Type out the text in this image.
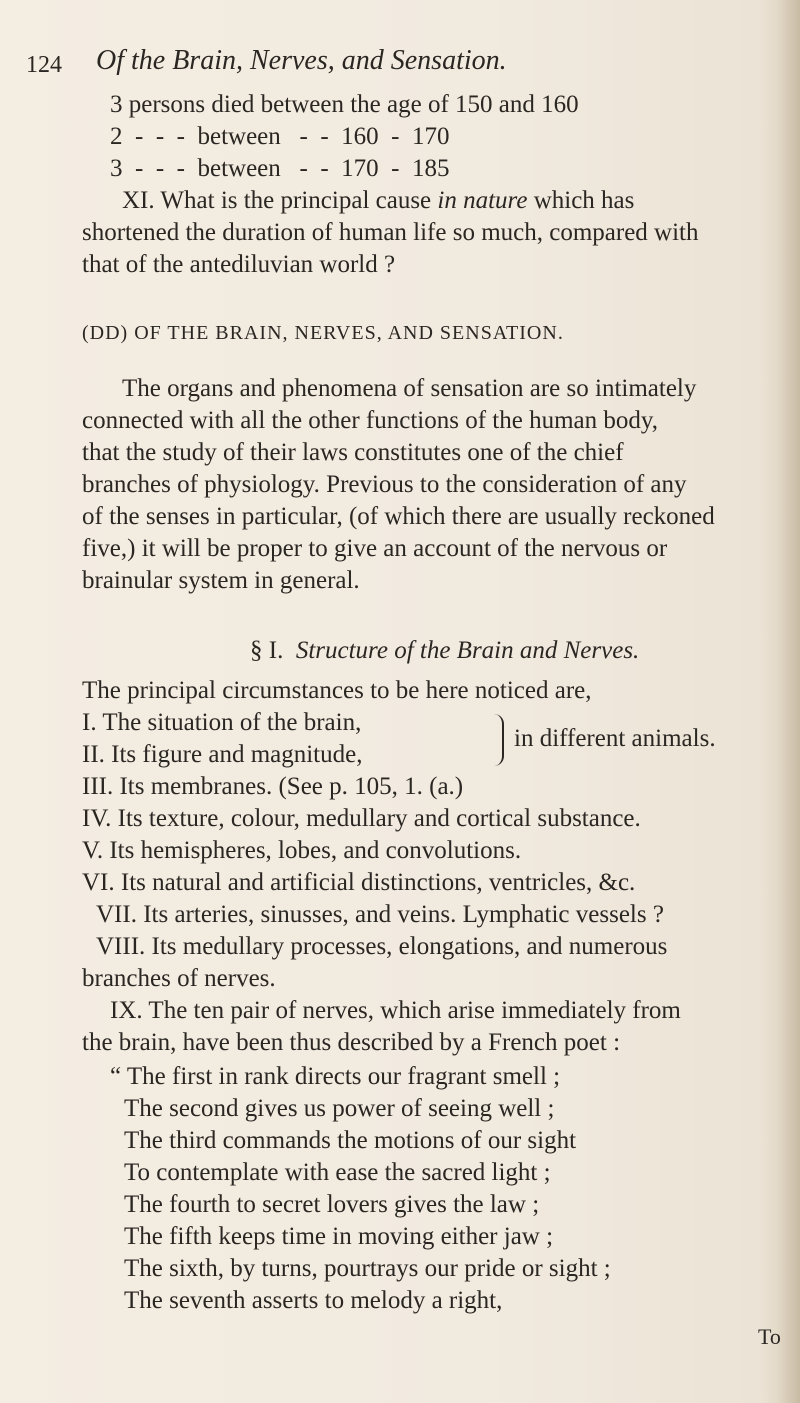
124 Of the Brain, Nerves, and Sensation.
3 persons died between the age of 150 and 160
2  -  -  -  between   -  -  160  -  170
3  -  -  -  between   -  -  170  -  185
XI. What is the principal cause in nature which has
shortened the duration of human life so much, compared with
that of the antediluvian world ?
(DD) OF THE BRAIN, NERVES, AND SENSATION.
The organs and phenomena of sensation are so intimately
connected with all the other functions of the human body,
that the study of their laws constitutes one of the chief
branches of physiology. Previous to the consideration of any
of the senses in particular, (of which there are usually reckoned
five,) it will be proper to give an account of the nervous or
brainular system in general.
§ I. Structure of the Brain and Nerves.
The principal circumstances to be here noticed are,
I. The situation of the brain,
II. Its figure and magnitude,
in different animals.
III. Its membranes. (See p. 105, 1. (a.)
IV. Its texture, colour, medullary and cortical substance.
V. Its hemispheres, lobes, and convolutions.
VI. Its natural and artificial distinctions, ventricles, &c.
VII. Its arteries, sinusses, and veins. Lymphatic vessels ?
VIII. Its medullary processes, elongations, and numerous
branches of nerves.
IX. The ten pair of nerves, which arise immediately from
the brain, have been thus described by a French poet :
“ The first in rank directs our fragrant smell ;
The second gives us power of seeing well ;
The third commands the motions of our sight
To contemplate with ease the sacred light ;
The fourth to secret lovers gives the law ;
The fifth keeps time in moving either jaw ;
The sixth, by turns, pourtrays our pride or sight ;
The seventh asserts to melody a right,
To
